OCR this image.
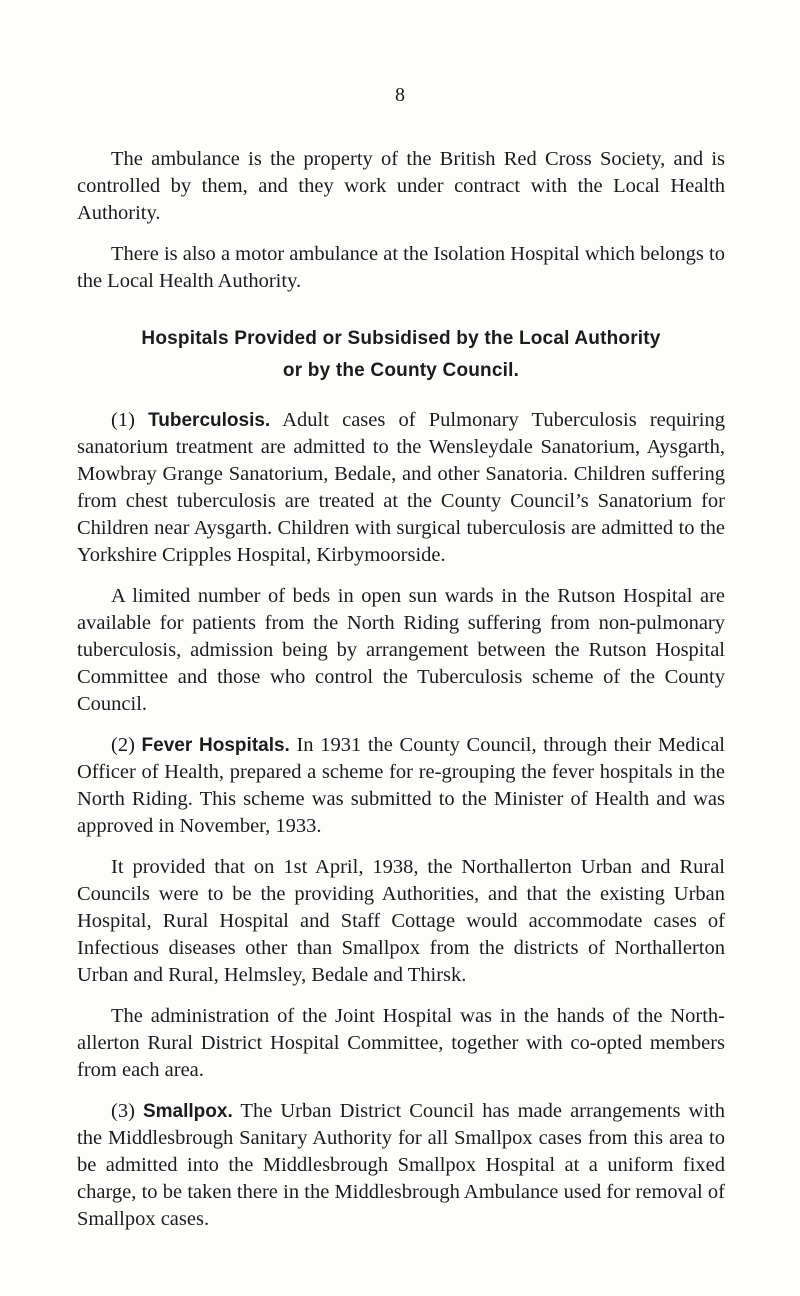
8

The ambulance is the property of the British Red Cross Society, and is controlled by them, and they work under contract with the Local Health Authority.

There is also a motor ambulance at the Isolation Hospital which belongs to the Local Health Authority.

Hospitals Provided or Subsidised by the Local Authority
or by the County Council.

(1) Tuberculosis. Adult cases of Pulmonary Tuberculosis requiring sanatorium treatment are admitted to the Wensleydale Sanatorium, Aysgarth, Mowbray Grange Sanatorium, Bedale, and other Sanatoria. Children suffering from chest tuberculosis are treated at the County Council’s Sanatorium for Children near Aysgarth. Children with surgical tuberculosis are admitted to the Yorkshire Cripples Hospital, Kirbymoorside.

A limited number of beds in open sun wards in the Rutson Hospital are available for patients from the North Riding suffering from non-pulmonary tuberculosis, admission being by arrangement between the Rutson Hospital Committee and those who control the Tuberculosis scheme of the County Council.

(2) Fever Hospitals. In 1931 the County Council, through their Medical Officer of Health, prepared a scheme for re-grouping the fever hospitals in the North Riding. This scheme was submitted to the Minister of Health and was approved in November, 1933.

It provided that on 1st April, 1938, the Northallerton Urban and Rural Councils were to be the providing Authorities, and that the existing Urban Hospital, Rural Hospital and Staff Cottage would accommodate cases of Infectious diseases other than Smallpox from the districts of Northallerton Urban and Rural, Helmsley, Bedale and Thirsk.

The administration of the Joint Hospital was in the hands of the North-allerton Rural District Hospital Committee, together with co-opted members from each area.

(3) Smallpox. The Urban District Council has made arrangements with the Middlesbrough Sanitary Authority for all Smallpox cases from this area to be admitted into the Middlesbrough Smallpox Hospital at a uniform fixed charge, to be taken there in the Middlesbrough Ambulance used for removal of Smallpox cases.
